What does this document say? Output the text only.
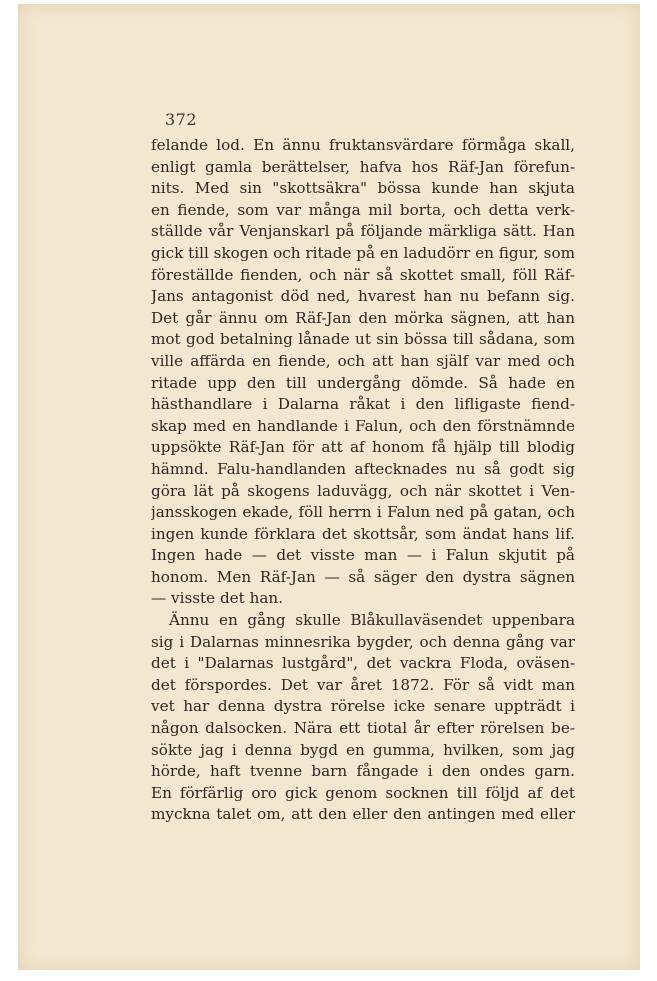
372
felande lod. En ännu fruktansvärdare förmåga skall,
enligt gamla berättelser, hafva hos Räf-Jan förefun-
nits. Med sin "skottsäkra" bössa kunde han skjuta
en fiende, som var många mil borta, och detta verk-
ställde vår Venjanskarl på följande märkliga sätt. Han
gick till skogen och ritade på en ladudörr en figur, som
föreställde fienden, och när så skottet small, föll Räf-
Jans antagonist död ned, hvarest han nu befann sig.
Det går ännu om Räf-Jan den mörka sägnen, att han
mot god betalning lånade ut sin bössa till sådana, som
ville affärda en fiende, och att han själf var med och
ritade upp den till undergång dömde. Så hade en
hästhandlare i Dalarna råkat i den lifligaste fiend-
skap med en handlande i Falun, och den förstnämnde
uppsökte Räf-Jan för att af honom få hjälp till blodig
hämnd. Falu-handlanden aftecknades nu så godt sig
göra lät på skogens laduvägg, och när skottet i Ven-
jansskogen ekade, föll herrn i Falun ned på gatan, och
ingen kunde förklara det skottsår, som ändat hans lif.
Ingen hade — det visste man — i Falun skjutit på
honom. Men Räf-Jan — så säger den dystra sägnen
— visste det han.
Ännu en gång skulle Blåkullaväsendet uppenbara
sig i Dalarnas minnesrika bygder, och denna gång var
det i "Dalarnas lustgård", det vackra Floda, oväsen-
det förspordes. Det var året 1872. För så vidt man
vet har denna dystra rörelse icke senare uppträdt i
någon dalsocken. Nära ett tiotal år efter rörelsen be-
sökte jag i denna bygd en gumma, hvilken, som jag
hörde, haft tvenne barn fångade i den ondes garn.
En förfärlig oro gick genom socknen till följd af det
myckna talet om, att den eller den antingen med eller
